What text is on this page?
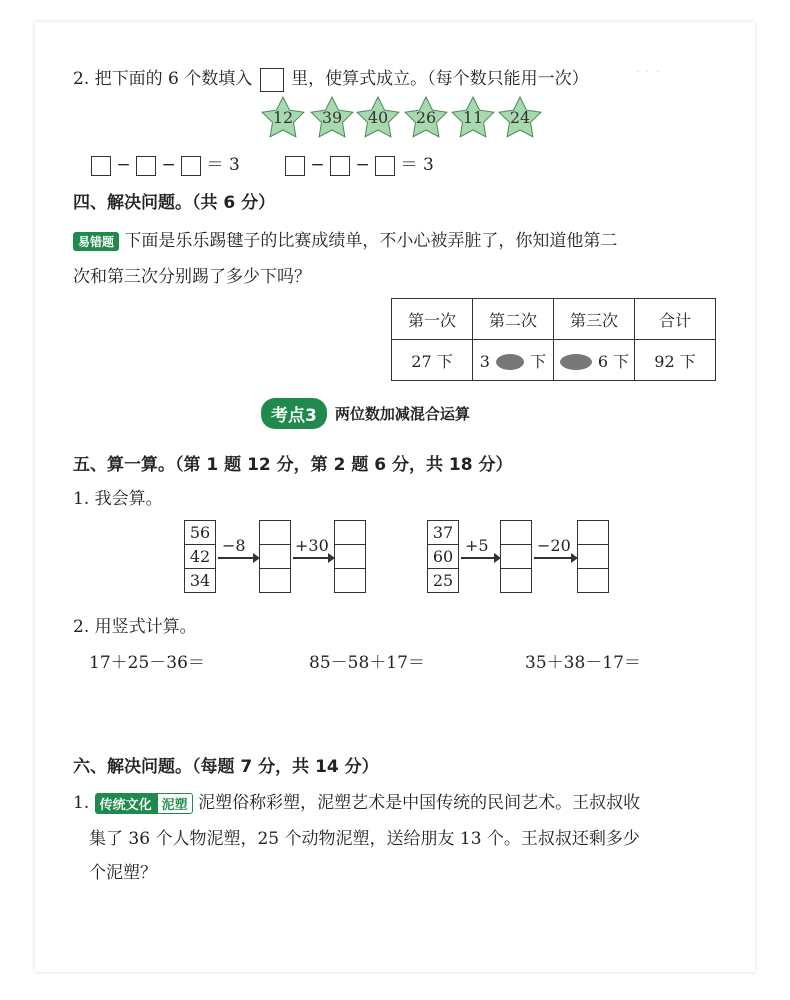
· · ·
2. 把下面的 6 个数填入 里，使算式成立。（每个数只能用一次）
12	39	40	26	11	24
−  −  ＝ 3	−  −  ＝ 3
四、解决问题。（共 6 分）
易错题 下面是乐乐踢毽子的比赛成绩单，不小心被弄脏了，你知道他第二
次和第三次分别踢了多少下吗？
第一次	第二次	第三次	合计
27 下	3 下	6 下	92 下
考点3	两位数加减混合运算
五、算一算。（第 1 题 12 分，第 2 题 6 分，共 18 分）
1. 我会算。
56
42
34
−8	+30
37
60
25
+5	−20
2. 用竖式计算。
17＋25－36＝	85－58＋17＝	35＋38－17＝
六、解决问题。（每题 7 分，共 14 分）
1. 传统文化 泥塑 泥塑俗称彩塑，泥塑艺术是中国传统的民间艺术。王叔叔收
集了 36 个人物泥塑，25 个动物泥塑，送给朋友 13 个。王叔叔还剩多少
个泥塑？
